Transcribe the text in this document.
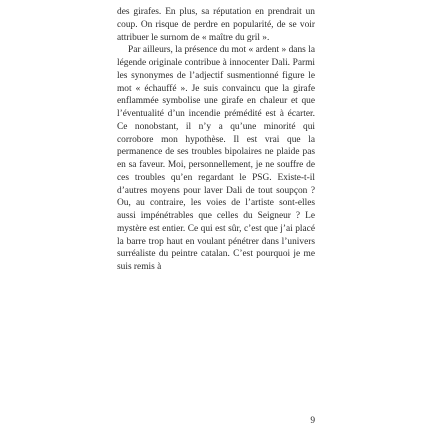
des girafes. En plus, sa réputation en prendrait un coup. On risque de perdre en popularité, de se voir attribuer le surnom de « maître du gril ».

Par ailleurs, la présence du mot « ardent » dans la légende originale contribue à innocenter Dali. Parmi les synonymes de l’adjectif susmentionné figure le mot « échauffé ». Je suis convaincu que la girafe enflammée symbolise une girafe en chaleur et que l’éventualité d’un incendie prémédité est à écarter. Ce nonobstant, il n’y a qu’une minorité qui corrobore mon hypothèse. Il est vrai que la permanence de ses troubles bipolaires ne plaide pas en sa faveur. Moi, personnellement, je ne souffre de ces troubles qu’en regardant le PSG. Existe-t-il d’autres moyens pour laver Dali de tout soupçon ? Ou, au contraire, les voies de l’artiste sont-elles aussi impénétrables que celles du Seigneur ? Le mystère est entier. Ce qui est sûr, c’est que j’ai placé la barre trop haut en voulant pénétrer dans l’univers surréaliste du peintre catalan. C’est pourquoi je me suis remis à

9
